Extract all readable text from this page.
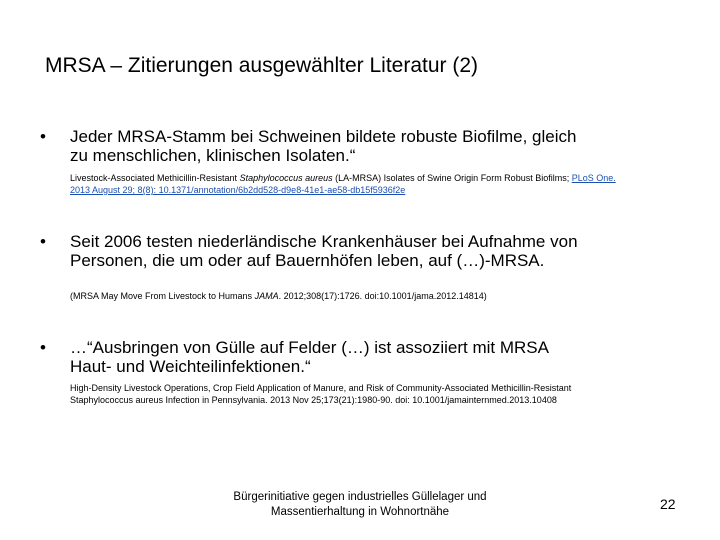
MRSA – Zitierungen ausgewählter Literatur (2)
• Jeder MRSA-Stamm bei Schweinen bildete robuste Biofilme, gleich
zu menschlichen, klinischen Isolaten.“
Livestock-Associated Methicillin-Resistant Staphylococcus aureus (LA-MRSA) Isolates of Swine Origin Form Robust Biofilms; PLoS One.
2013 August 29; 8(8): 10.1371/annotation/6b2dd528-d9e8-41e1-ae58-db15f5936f2e
• Seit 2006 testen niederländische Krankenhäuser bei Aufnahme von
Personen, die um oder auf Bauernhöfen leben, auf (…)-MRSA.
(MRSA May Move From Livestock to Humans JAMA. 2012;308(17):1726. doi:10.1001/jama.2012.14814)
• …“Ausbringen von Gülle auf Felder (…) ist assoziiert mit MRSA
Haut- und Weichteilinfektionen.“
High-Density Livestock Operations, Crop Field Application of Manure, and Risk of Community-Associated Methicillin-Resistant
Staphylococcus aureus Infection in Pennsylvania. 2013 Nov 25;173(21):1980-90. doi: 10.1001/jamainternmed.2013.10408
Bürgerinitiative gegen industrielles Güllelager und
Massentierhaltung in Wohnortnähe	22
